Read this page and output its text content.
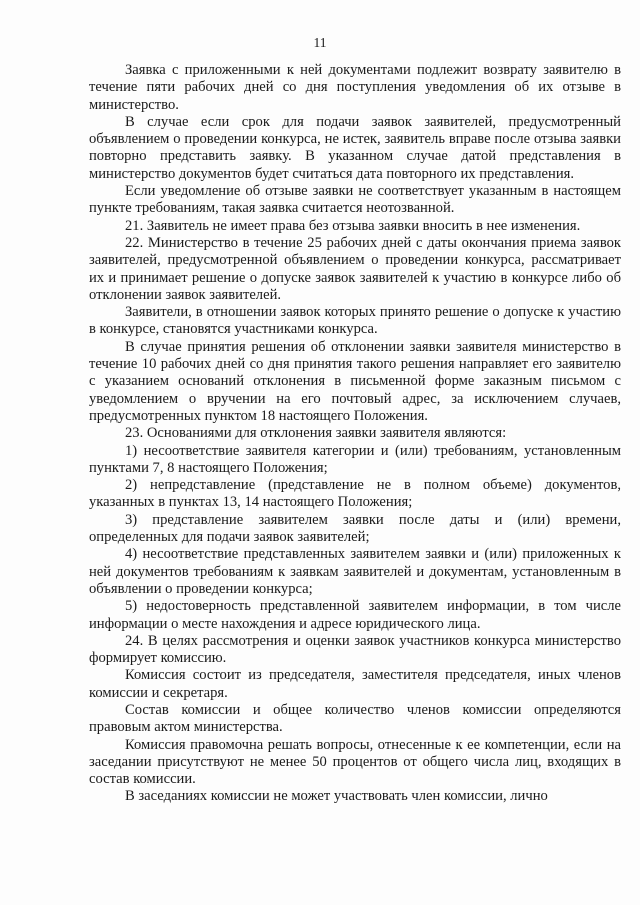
11

Заявка с приложенными к ней документами подлежит возврату заявителю в течение пяти рабочих дней со дня поступления уведомления об их отзыве в министерство.

В случае если срок для подачи заявок заявителей, предусмотренный объявлением о проведении конкурса, не истек, заявитель вправе после отзыва заявки повторно представить заявку. В указанном случае датой представления в министерство документов будет считаться дата повторного их представления.

Если уведомление об отзыве заявки не соответствует указанным в настоящем пункте требованиям, такая заявка считается неотозванной.

21. Заявитель не имеет права без отзыва заявки вносить в нее изменения.

22. Министерство в течение 25 рабочих дней с даты окончания приема заявок заявителей, предусмотренной объявлением о проведении конкурса, рассматривает их и принимает решение о допуске заявок заявителей к участию в конкурсе либо об отклонении заявок заявителей.

Заявители, в отношении заявок которых принято решение о допуске к участию в конкурсе, становятся участниками конкурса.

В случае принятия решения об отклонении заявки заявителя министерство в течение 10 рабочих дней со дня принятия такого решения направляет его заявителю с указанием оснований отклонения в письменной форме заказным письмом с уведомлением о вручении на его почтовый адрес, за исключением случаев, предусмотренных пунктом 18 настоящего Положения.

23. Основаниями для отклонения заявки заявителя являются:

1) несоответствие заявителя категории и (или) требованиям, установленным пунктами 7, 8 настоящего Положения;

2) непредставление (представление не в полном объеме) документов, указанных в пунктах 13, 14 настоящего Положения;

3) представление заявителем заявки после даты и (или) времени, определенных для подачи заявок заявителей;

4) несоответствие представленных заявителем заявки и (или) приложенных к ней документов требованиям к заявкам заявителей и документам, установленным в объявлении о проведении конкурса;

5) недостоверность представленной заявителем информации, в том числе информации о месте нахождения и адресе юридического лица.

24. В целях рассмотрения и оценки заявок участников конкурса министерство формирует комиссию.

Комиссия состоит из председателя, заместителя председателя, иных членов комиссии и секретаря.

Состав комиссии и общее количество членов комиссии определяются правовым актом министерства.

Комиссия правомочна решать вопросы, отнесенные к ее компетенции, если на заседании присутствуют не менее 50 процентов от общего числа лиц, входящих в состав комиссии.

В заседаниях комиссии не может участвовать член комиссии, лично
